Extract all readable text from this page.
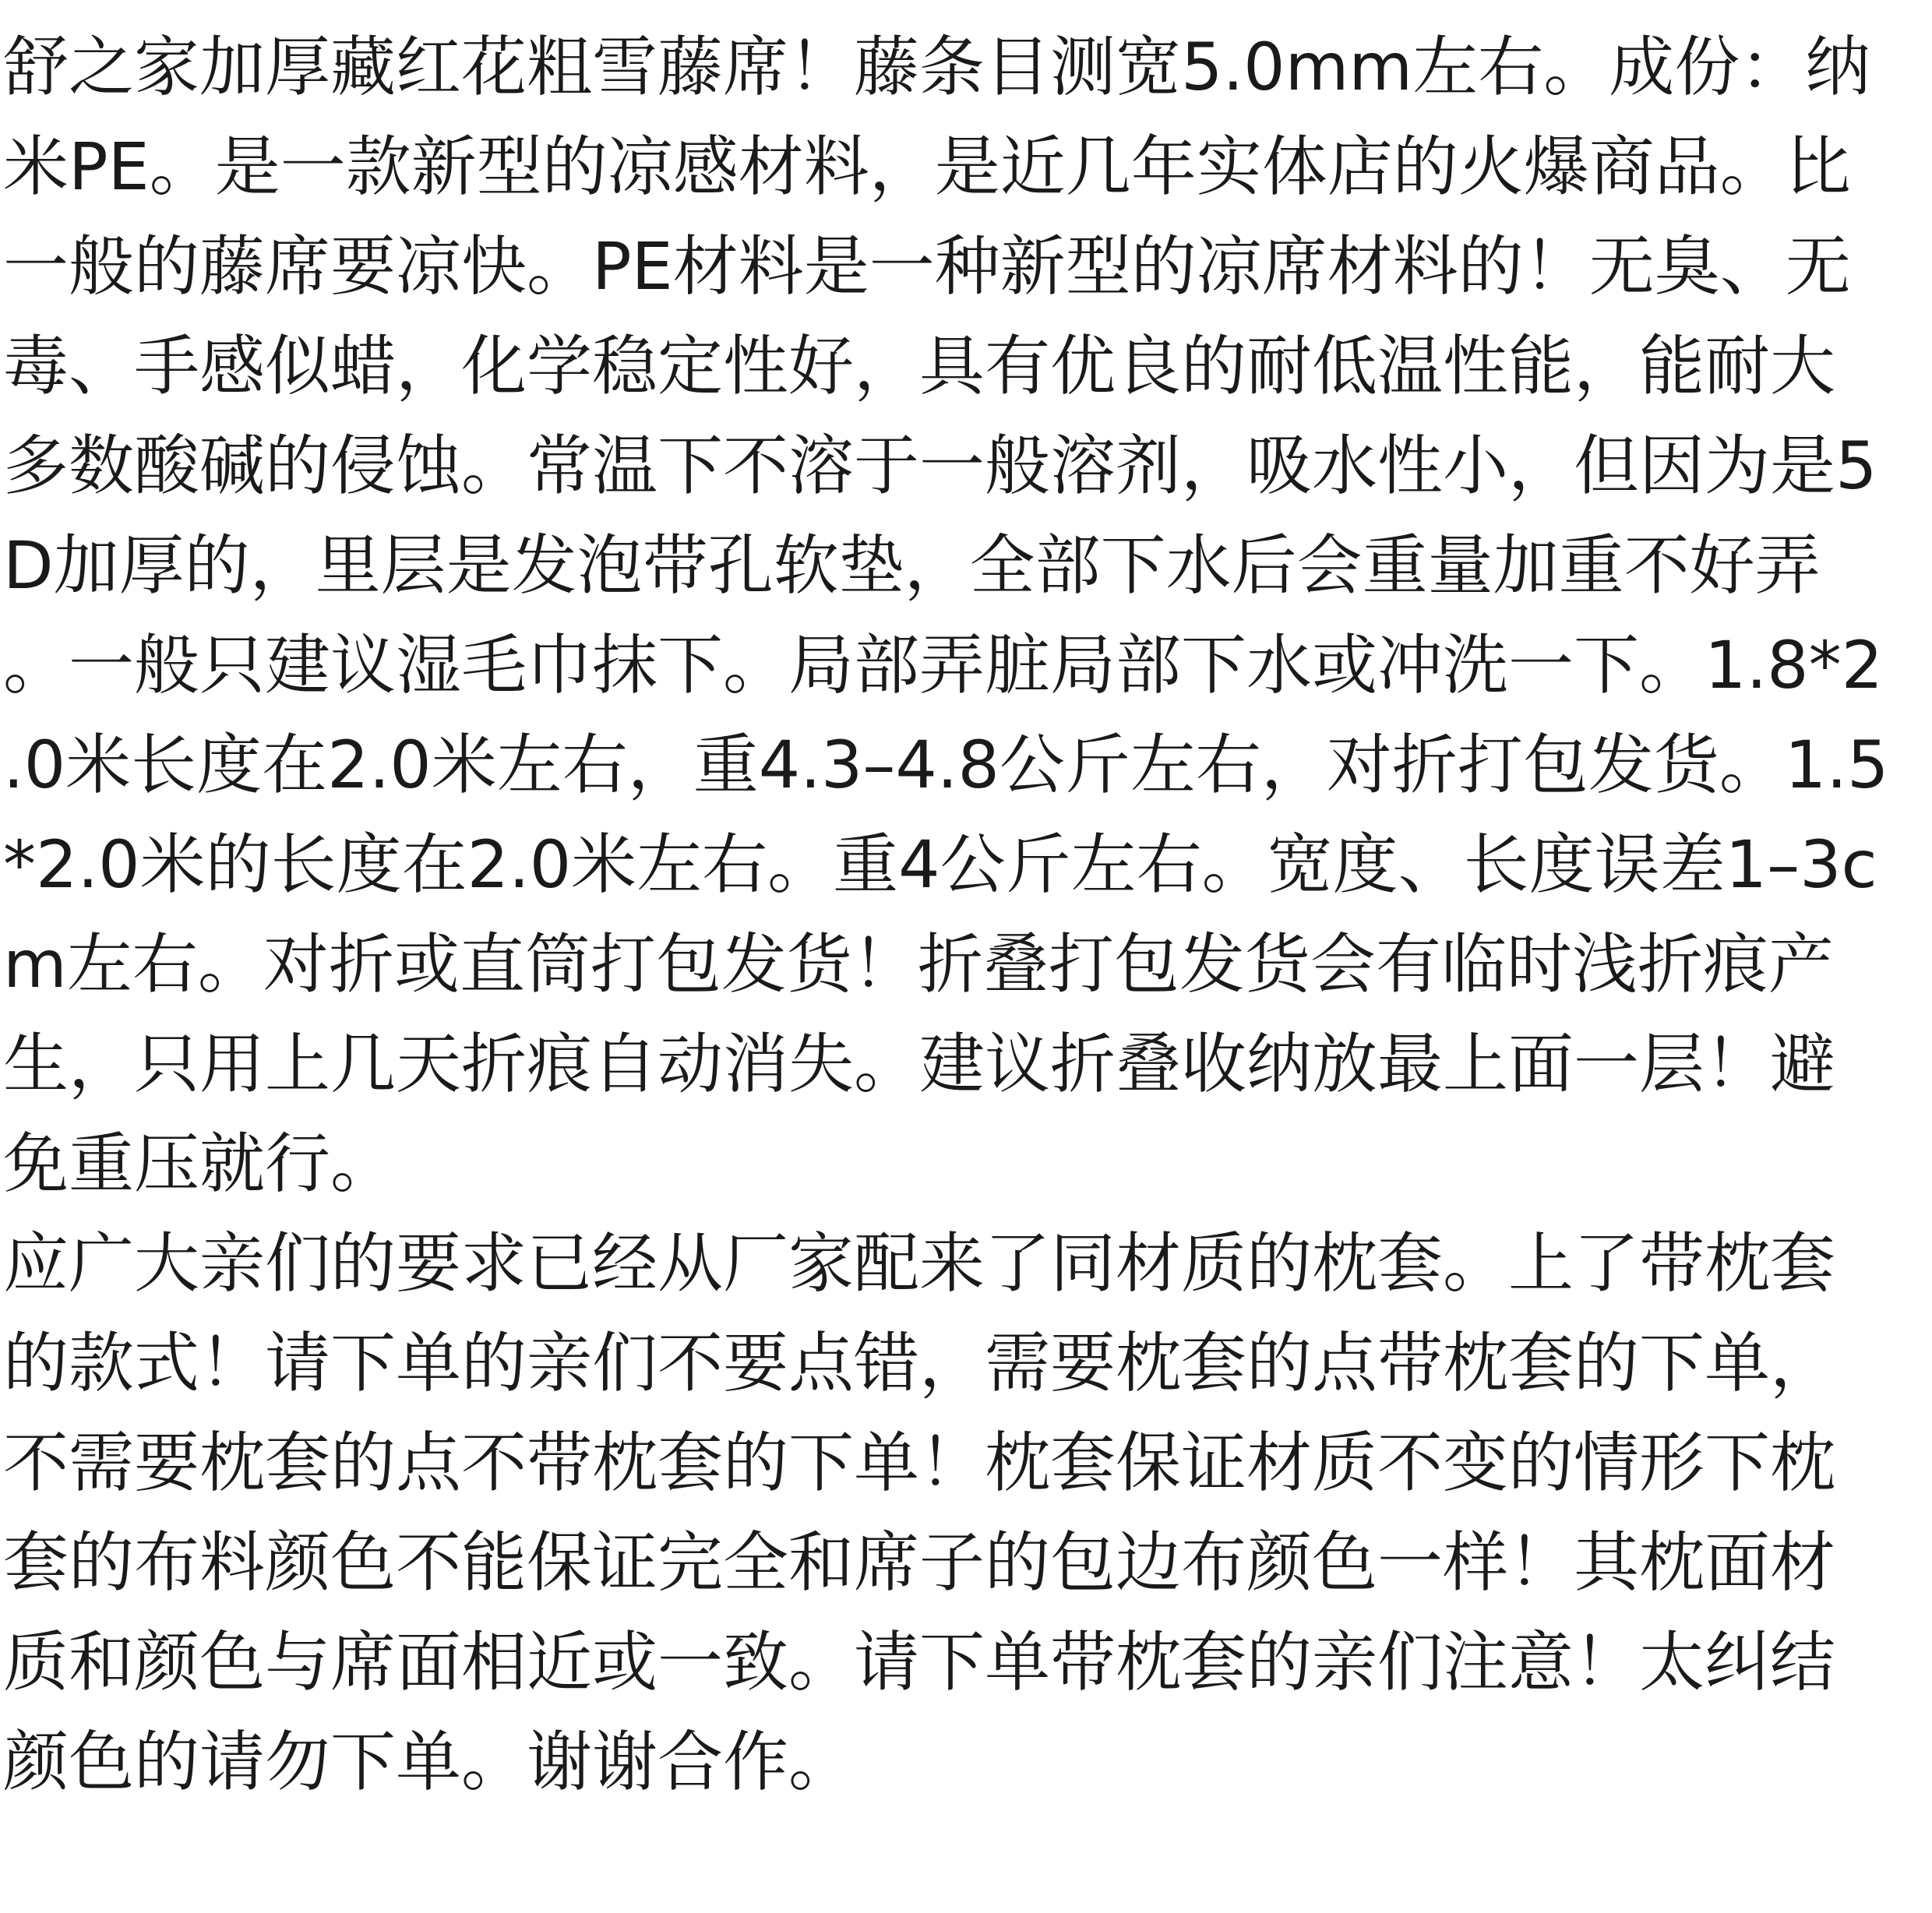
舒之家加厚藏红花粗雪藤席！藤条目测宽5.0mm左右。成份：纳
米PE。是一款新型的凉感材料，是近几年实体店的火爆商品。比
一般的藤席要凉快。PE材料是一种新型的凉席材料的！无臭、无
毒、手感似蜡，化学稳定性好，具有优良的耐低温性能，能耐大
多数酸碱的侵蚀。常温下不溶于一般溶剂，吸水性小，但因为是5
D加厚的，里层是发泡带孔软垫，全部下水后会重量加重不好弄
。一般只建议湿毛巾抹下。局部弄脏局部下水或冲洗一下。1.8*2
.0米长度在2.0米左右，重4.3–4.8公斤左右，对折打包发货。1.5
*2.0米的长度在2.0米左右。重4公斤左右。宽度、长度误差1–3c
m左右。对折或直筒打包发货！折叠打包发货会有临时浅折痕产
生，只用上几天折痕自动消失。建议折叠收纳放最上面一层！避
免重压就行。
应广大亲们的要求已经从厂家配来了同材质的枕套。上了带枕套
的款式！请下单的亲们不要点错，需要枕套的点带枕套的下单，
不需要枕套的点不带枕套的下单！枕套保证材质不变的情形下枕
套的布料颜色不能保证完全和席子的包边布颜色一样！其枕面材
质和颜色与席面相近或一致。请下单带枕套的亲们注意！太纠结
颜色的请勿下单。谢谢合作。
